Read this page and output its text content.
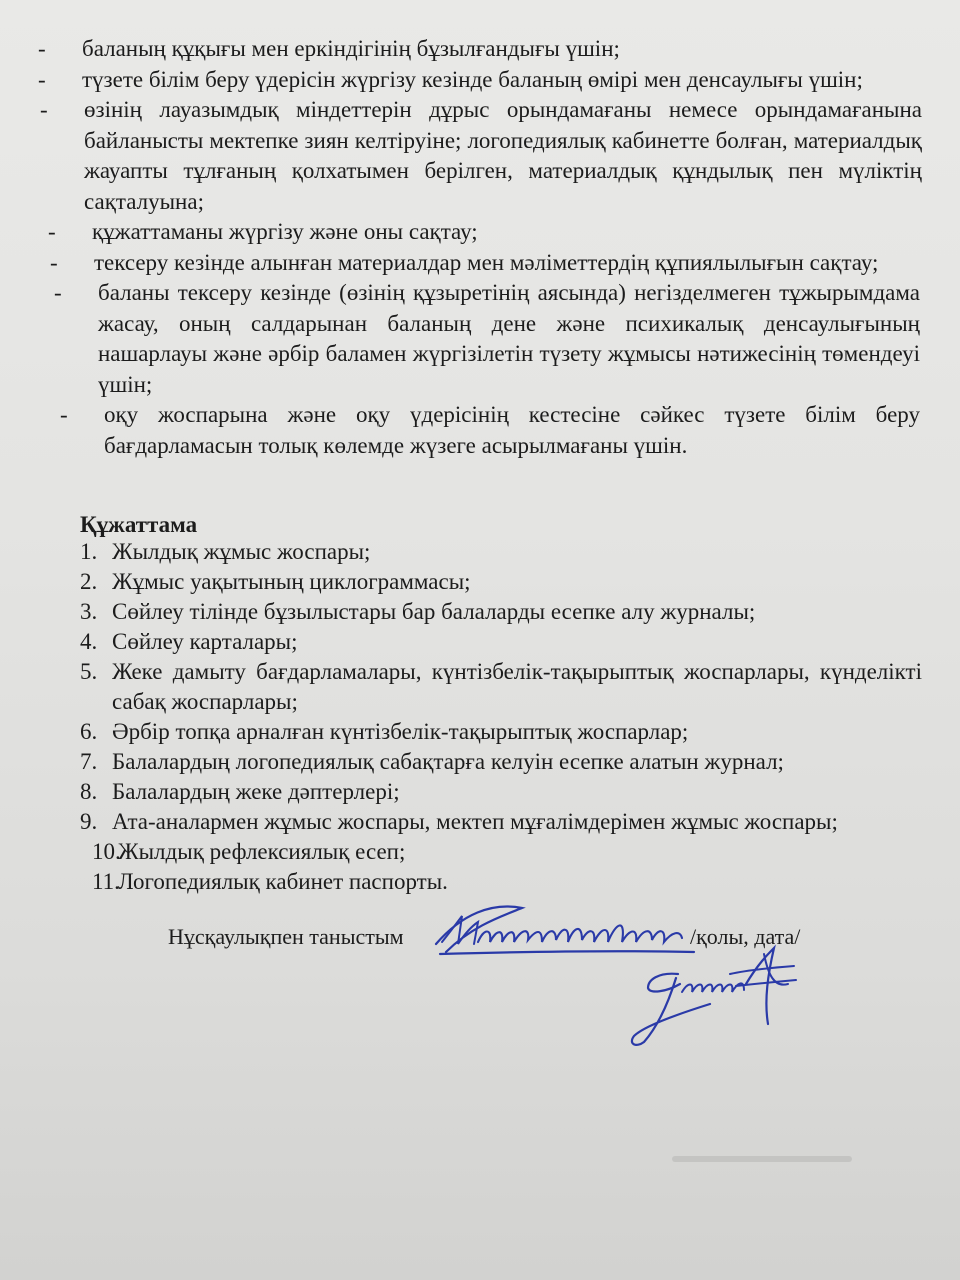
- баланың құқығы мен еркіндігінің бұзылғандығы үшін;
- түзете білім беру үдерісін жүргізу кезінде баланың өмірі мен денсаулығы үшін;
- өзінің лауазымдық міндеттерін дұрыс орындамағаны немесе орындамағанына байланысты мектепке зиян келтіруіне; логопедиялық кабинетте болған, материалдық жауапты тұлғаның қолхатымен берілген, материалдық құндылық пен мүліктің сақталуына;
- құжаттаманы жүргізу және оны сақтау;
- тексеру кезінде алынған материалдар мен мәліметтердің құпиялылығын сақтау;
- баланы тексеру кезінде (өзінің құзыретінің аясында) негізделмеген тұжырымдама жасау, оның салдарынан баланың дене және психикалық денсаулығының нашарлауы және әрбір баламен жүргізілетін түзету жұмысы нәтижесінің төмендеуі үшін;
- оқу жоспарына және оқу үдерісінің кестесіне сәйкес түзете білім беру бағдарламасын толық көлемде жүзеге асырылмағаны үшін.
Құжаттама
1. Жылдық жұмыс жоспары;
2. Жұмыс уақытының циклограммасы;
3. Сөйлеу тілінде бұзылыстары бар балаларды есепке алу журналы;
4. Сөйлеу карталары;
5. Жеке дамыту бағдарламалары, күнтізбелік-тақырыптық жоспарлары, күнделікті сабақ жоспарлары;
6. Әрбір топқа арналған күнтізбелік-тақырыптық жоспарлар;
7. Балалардың логопедиялық сабақтарға келуін есепке алатын журнал;
8. Балалардың жеке дәптерлері;
9. Ата-аналармен жұмыс жоспары, мектеп мұғалімдерімен жұмыс жоспары;
10.
Жылдық рефлексиялық есеп;
11.
Логопедиялық кабинет паспорты.
Нұсқаулықпен таныстым	/қолы, дата/
